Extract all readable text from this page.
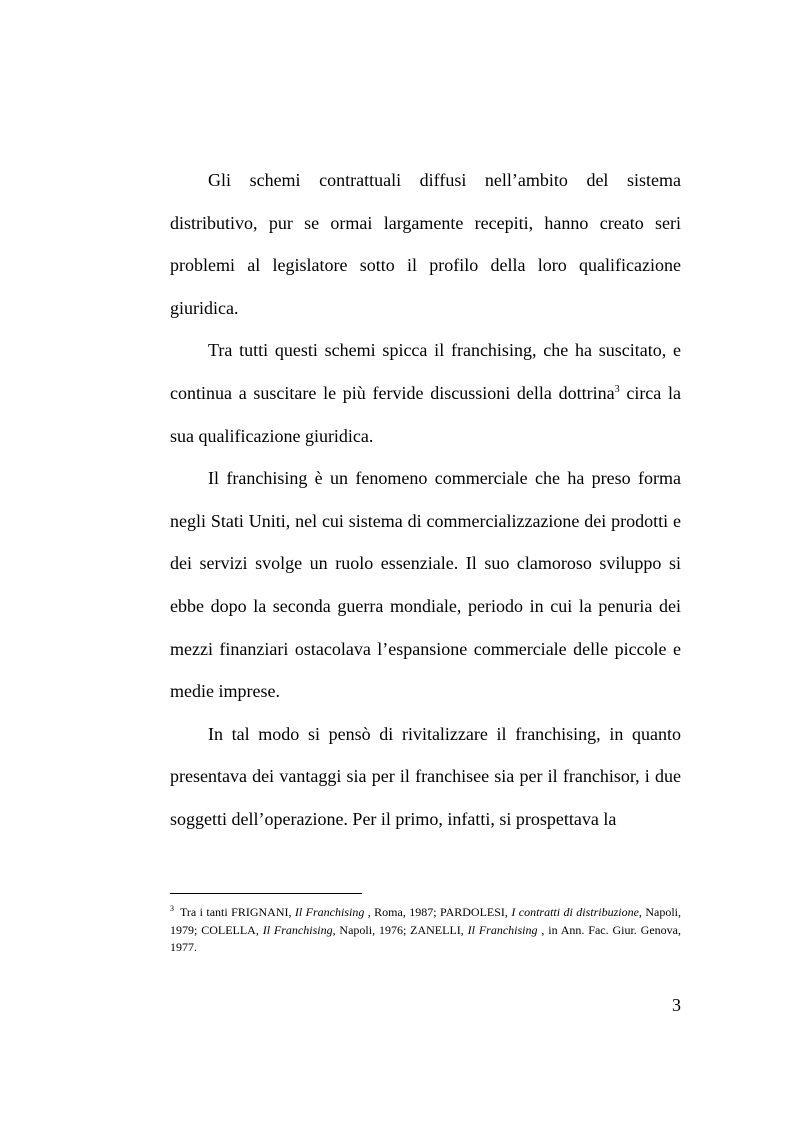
Gli schemi contrattuali diffusi nell’ambito del sistema distributivo, pur se ormai largamente recepiti, hanno creato seri problemi al legislatore sotto il profilo della loro qualificazione giuridica.

Tra tutti questi schemi spicca il franchising, che ha suscitato, e continua a suscitare le più fervide discussioni della dottrina$^3$ circa la sua qualificazione giuridica.

Il franchising è un fenomeno commerciale che ha preso forma negli Stati Uniti, nel cui sistema di commercializzazione dei prodotti e dei servizi svolge un ruolo essenziale. Il suo clamoroso sviluppo si ebbe dopo la seconda guerra mondiale, periodo in cui la penuria dei mezzi finanziari ostacolava l’espansione commerciale delle piccole e medie imprese.

In tal modo si pensò di rivitalizzare il franchising, in quanto presentava dei vantaggi sia per il franchisee sia per il franchisor, i due soggetti dell’operazione. Per il primo, infatti, si prospettava la

$^3$ Tra i tanti FRIGNANI, Il Franchising , Roma, 1987; PARDOLESI, I contratti di distribuzione, Napoli, 1979; COLELLA, Il Franchising, Napoli, 1976; ZANELLI, Il Franchising , in Ann. Fac. Giur. Genova, 1977.
3
